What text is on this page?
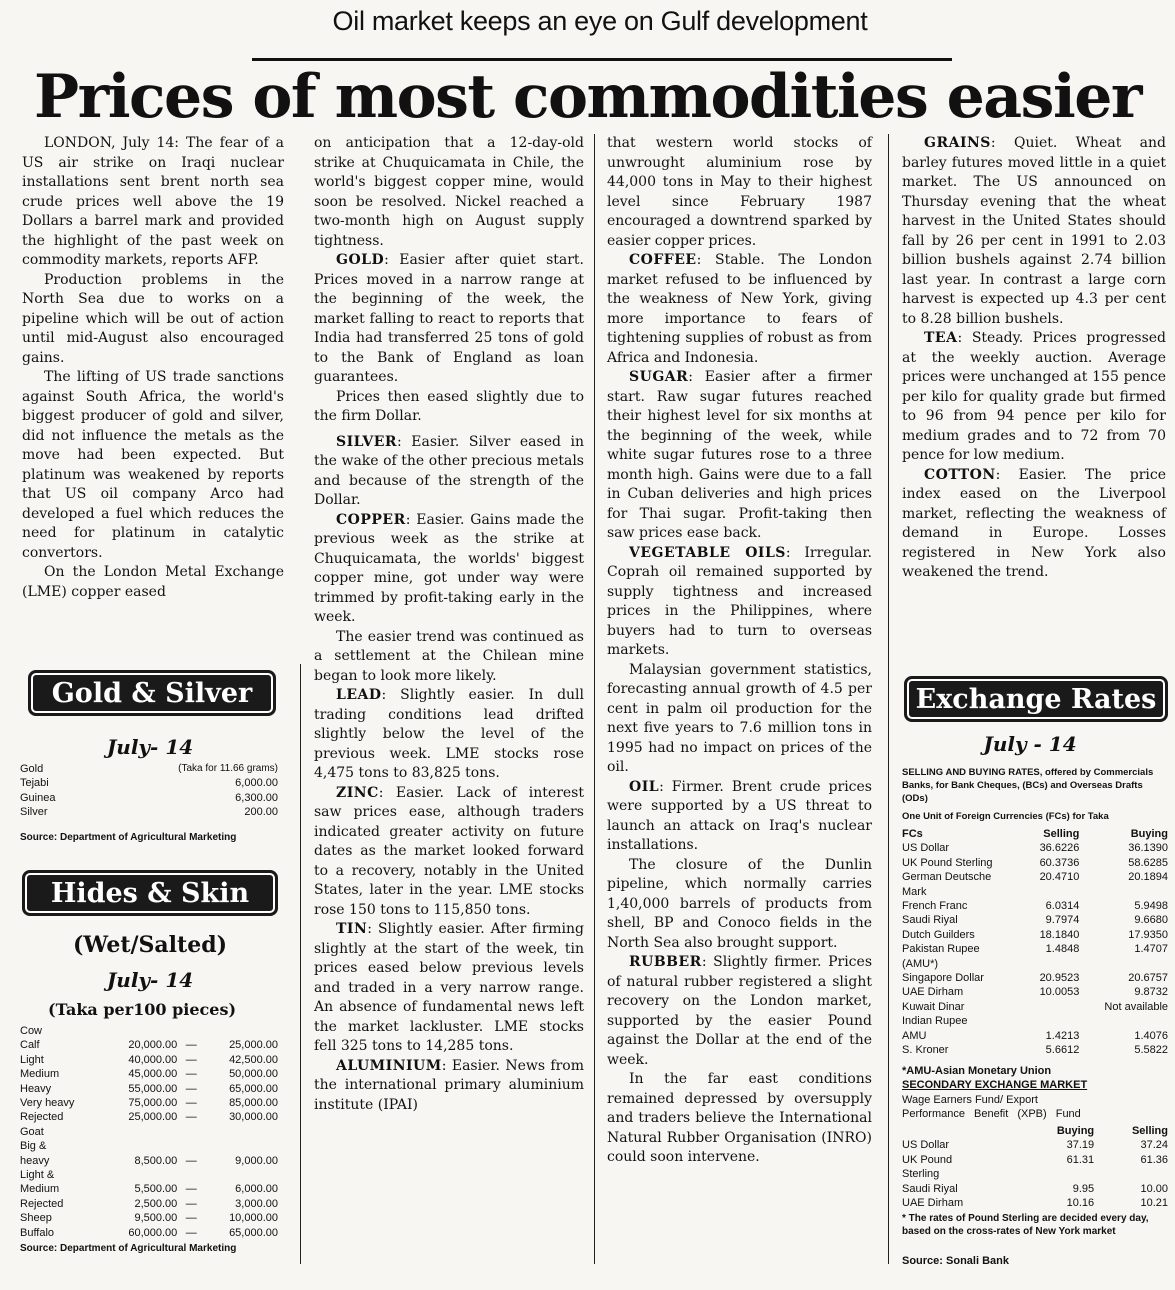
Oil market keeps an eye on Gulf development
Prices of most commodities easier

LONDON, July 14: The fear of a US air strike on Iraqi nuclear installations sent brent north sea crude prices well above the 19 Dollars a barrel mark and provided the highlight of the past week on commodity markets, reports AFP.

Production problems in the North Sea due to works on a pipeline which will be out of action until mid-August also encouraged gains.

The lifting of US trade sanctions against South Africa, the world's biggest producer of gold and silver, did not influence the metals as the move had been expected. But platinum was weakened by reports that US oil company Arco had developed a fuel which reduces the need for platinum in catalytic convertors.

On the London Metal Exchange (LME) copper eased

on anticipation that a 12-day-old strike at Chuquicamata in Chile, the world's biggest copper mine, would soon be resolved. Nickel reached a two-month high on August supply tightness.

GOLD: Easier after quiet start. Prices moved in a narrow range at the beginning of the week, the market falling to react to reports that India had transferred 25 tons of gold to the Bank of England as loan guarantees.

Prices then eased slightly due to the firm Dollar.

SILVER: Easier. Silver eased in the wake of the other precious metals and because of the strength of the Dollar.

COPPER: Easier. Gains made the previous week as the strike at Chuquicamata, the worlds' biggest copper mine, got under way were trimmed by profit-taking early in the week.

The easier trend was continued as a settlement at the Chilean mine began to look more likely.

LEAD: Slightly easier. In dull trading conditions lead drifted slightly below the level of the previous week. LME stocks rose 4,475 tons to 83,825 tons.

ZINC: Easier. Lack of interest saw prices ease, although traders indicated greater activity on future dates as the market looked forward to a recovery, notably in the United States, later in the year. LME stocks rose 150 tons to 115,850 tons.

TIN: Slightly easier. After firming slightly at the start of the week, tin prices eased below previous levels and traded in a very narrow range. An absence of fundamental news left the market lackluster. LME stocks fell 325 tons to 14,285 tons.

ALUMINIUM: Easier. News from the international primary aluminium institute (IPAI)

that western world stocks of unwrought aluminium rose by 44,000 tons in May to their highest level since February 1987 encouraged a downtrend sparked by easier copper prices.

COFFEE: Stable. The London market refused to be influenced by the weakness of New York, giving more importance to fears of tightening supplies of robust as from Africa and Indonesia.

SUGAR: Easier after a firmer start. Raw sugar futures reached their highest level for six months at the beginning of the week, while white sugar futures rose to a three month high. Gains were due to a fall in Cuban deliveries and high prices for Thai sugar. Profit-taking then saw prices ease back.

VEGETABLE OILS: Irregular. Coprah oil remained supported by supply tightness and increased prices in the Philippines, where buyers had to turn to overseas markets.

Malaysian government statistics, forecasting annual growth of 4.5 per cent in palm oil production for the next five years to 7.6 million tons in 1995 had no impact on prices of the oil.

OIL: Firmer. Brent crude prices were supported by a US threat to launch an attack on Iraq's nuclear installations.

The closure of the Dunlin pipeline, which normally carries 1,40,000 barrels of products from shell, BP and Conoco fields in the North Sea also brought support.

RUBBER: Slightly firmer. Prices of natural rubber registered a slight recovery on the London market, supported by the easier Pound against the Dollar at the end of the week.

In the far east conditions remained depressed by oversupply and traders believe the International Natural Rubber Organisation (INRO) could soon intervene.

GRAINS: Quiet. Wheat and barley futures moved little in a quiet market. The US announced on Thursday evening that the wheat harvest in the United States should fall by 26 per cent in 1991 to 2.03 billion bushels against 2.74 billion last year. In contrast a large corn harvest is expected up 4.3 per cent to 8.28 billion bushels.

TEA: Steady. Prices progressed at the weekly auction. Average prices were unchanged at 155 pence per kilo for quality grade but firmed to 96 from 94 pence per kilo for medium grades and to 72 from 70 pence for low medium.

COTTON: Easier. The price index eased on the Liverpool market, reflecting the weakness of demand in Europe. Losses registered in New York also weakened the trend.

Gold & Silver
July- 14
Gold	(Taka for 11.66 grams)
Tejabi	6,000.00
Guinea	6,300.00
Silver	200.00
Source: Department of Agricultural Marketing
Hides & Skin
(Wet/Salted)
July- 14
(Taka per100 pieces)
Cow			
Calf	20,000.00	—	25,000.00
Light	40,000.00	—	42,500.00
Medium	45,000.00	—	50,000.00
Heavy	55,000.00	—	65,000.00
Very heavy	75,000.00	—	85,000.00
Rejected	25,000.00	—	30,000.00
Goat			
Big &			
heavy	8,500.00	—	9,000.00
Light &			
Medium	5,500.00	—	6,000.00
Rejected	2,500.00	—	3,000.00
Sheep	9,500.00	—	10,000.00
Buffalo	60,000.00	—	65,000.00
Source: Department of Agricultural Marketing
Exchange Rates
July - 14
SELLING AND BUYING RATES, offered by Commercials Banks, for Bank Cheques, (BCs) and Overseas Drafts (ODs)
One Unit of Foreign Currencies (FCs) for Taka
FCs	Selling	Buying
US Dollar	36.6226	36.1390
UK Pound Sterling	60.3736	58.6285
German Deutsche	20.4710	20.1894
Mark		
French Franc	6.0314	5.9498
Saudi Riyal	9.7974	9.6680
Dutch Guilders	18.1840	17.9350
Pakistan Rupee	1.4848	1.4707
(AMU*)		
Singapore Dollar	20.9523	20.6757
UAE Dirham	10.0053	9.8732
Kuwait Dinar		Not available
Indian Rupee		
AMU	1.4213	1.4076
S. Kroner	5.6612	5.5822
*AMU-Asian Monetary Union
SECONDARY EXCHANGE MARKET
Wage Earners Fund/ Export
Performance Benefit (XPB) Fund
	Buying	Selling
US Dollar	37.19	37.24
UK Pound	61.31	61.36
Sterling		
Saudi Riyal	9.95	10.00
UAE Dirham	10.16	10.21
* The rates of Pound Sterling are decided every day, based on the cross-rates of New York market
Source: Sonali Bank
